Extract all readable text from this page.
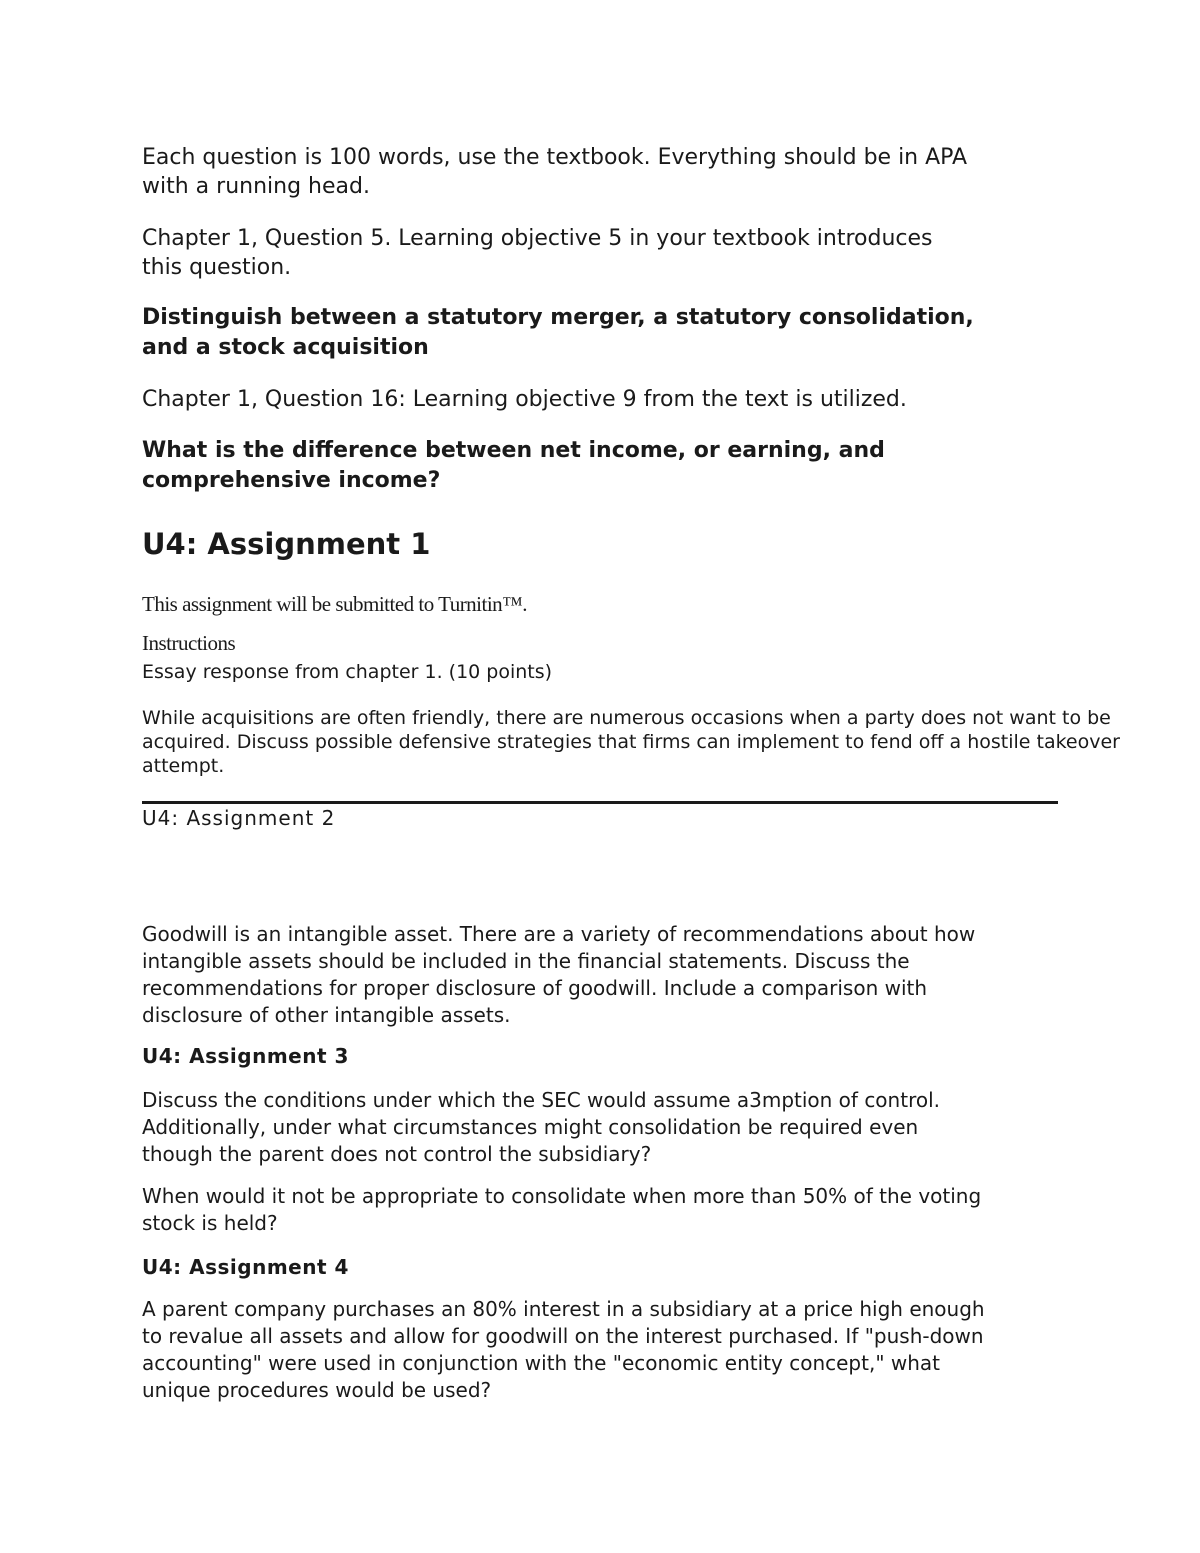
Each question is 100 words, use the textbook. Everything should be in APA
with a running head.
Chapter 1, Question 5. Learning objective 5 in your textbook introduces
this question.
Distinguish between a statutory merger, a statutory consolidation,
and a stock acquisition
Chapter 1, Question 16: Learning objective 9 from the text is utilized.
What is the difference between net income, or earning, and
comprehensive income?
U4: Assignment 1
This assignment will be submitted to Turnitin™.
Instructions
Essay response from chapter 1. (10 points)
While acquisitions are often friendly, there are numerous occasions when a party does not want to be
acquired. Discuss possible defensive strategies that firms can implement to fend off a hostile takeover
attempt.
U4: Assignment 2
Goodwill is an intangible asset. There are a variety of recommendations about how
intangible assets should be included in the financial statements. Discuss the
recommendations for proper disclosure of goodwill. Include a comparison with
disclosure of other intangible assets.
U4: Assignment 3
Discuss the conditions under which the SEC would assume a3mption of control.
Additionally, under what circumstances might consolidation be required even
though the parent does not control the subsidiary?
When would it not be appropriate to consolidate when more than 50% of the voting
stock is held?
U4: Assignment 4
A parent company purchases an 80% interest in a subsidiary at a price high enough
to revalue all assets and allow for goodwill on the interest purchased. If "push-down
accounting" were used in conjunction with the "economic entity concept," what
unique procedures would be used?
